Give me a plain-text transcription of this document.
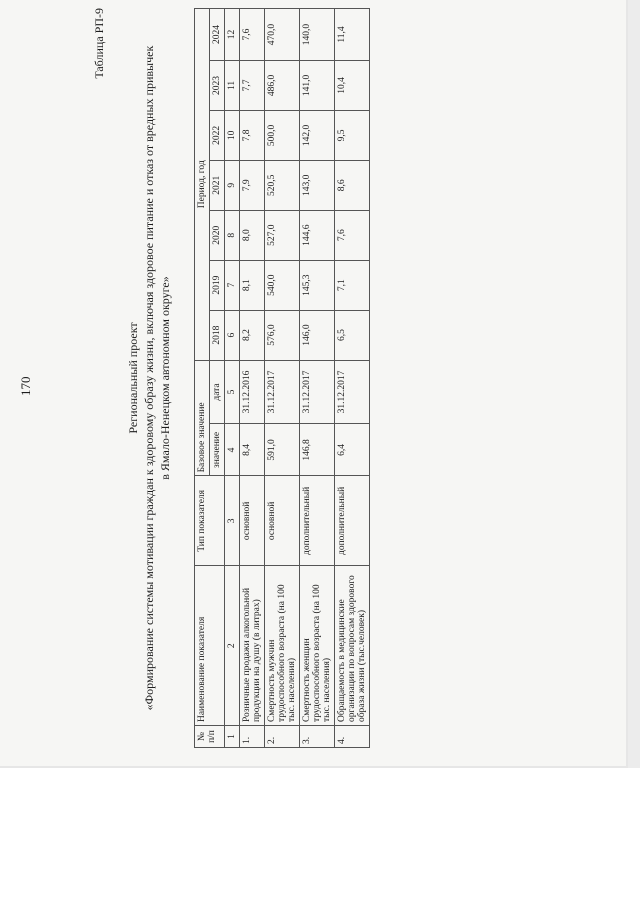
170
Таблица РП-9
Региональный проект «Формирование системы мотивации граждан к здоровому образу жизни, включая здоровое питание и отказ от вредных привычек в Ямало-Ненецком автономном округе»
№ п/п	Наименование показателя	Тип показателя	Базовое значение		Период, год						
			значение	дата	2018	2019	2020	2021	2022	2023	2024
1	2	3	4	5	6	7	8	9	10	11	12
1.	Розничные продажи алкогольной продукции на душу (в литрах)	основной	8,4	31.12.2016	8,2	8,1	8,0	7,9	7,8	7,7	7,6
2.	Смертность мужчин трудоспособного возраста (на 100 тыс. населения)	основной	591,0	31.12.2017	576,0	540,0	527,0	520,5	500,0	486,0	470,0
3.	Смертность женщин трудоспособного возраста (на 100 тыс. населения)	дополнительный	146,8	31.12.2017	146,0	145,3	144,6	143,0	142,0	141,0	140,0
4.	Обращаемость в медицинские организации по вопросам здорового образа жизни (тыс.человек)	дополнительный	6,4	31.12.2017	6,5	7,1	7,6	8,6	9,5	10,4	11,4
